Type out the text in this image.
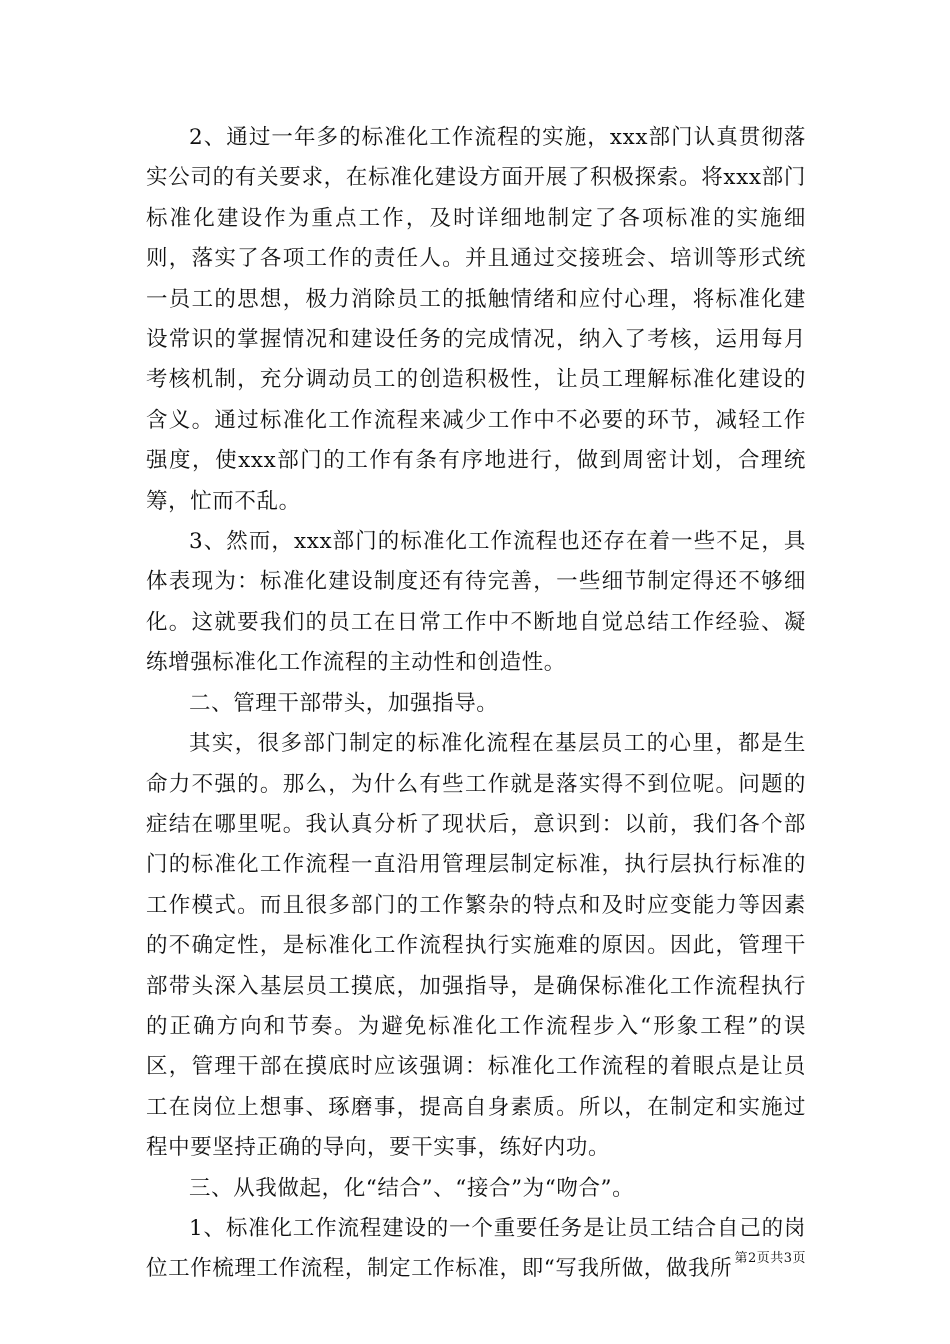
2、通过一年多的标准化工作流程的实施，xxx部门认真贯彻落实公司的有关要求，在标准化建设方面开展了积极探索。将xxx部门标准化建设作为重点工作，及时详细地制定了各项标准的实施细则，落实了各项工作的责任人。并且通过交接班会、培训等形式统一员工的思想，极力消除员工的抵触情绪和应付心理，将标准化建设常识的掌握情况和建设任务的完成情况，纳入了考核，运用每月考核机制，充分调动员工的创造积极性，让员工理解标准化建设的含义。通过标准化工作流程来减少工作中不必要的环节，减轻工作强度，使xxx部门的工作有条有序地进行，做到周密计划，合理统筹，忙而不乱。

3、然而，xxx部门的标准化工作流程也还存在着一些不足，具体表现为：标准化建设制度还有待完善，一些细节制定得还不够细化。这就要我们的员工在日常工作中不断地自觉总结工作经验、凝练增强标准化工作流程的主动性和创造性。

二、管理干部带头，加强指导。

其实，很多部门制定的标准化流程在基层员工的心里，都是生命力不强的。那么，为什么有些工作就是落实得不到位呢。问题的症结在哪里呢。我认真分析了现状后，意识到：以前，我们各个部门的标准化工作流程一直沿用管理层制定标准，执行层执行标准的工作模式。而且很多部门的工作繁杂的特点和及时应变能力等因素的不确定性，是标准化工作流程执行实施难的原因。因此，管理干部带头深入基层员工摸底，加强指导，是确保标准化工作流程执行的正确方向和节奏。为避免标准化工作流程步入“形象工程”的误区，管理干部在摸底时应该强调：标准化工作流程的着眼点是让员工在岗位上想事、琢磨事，提高自身素质。所以，在制定和实施过程中要坚持正确的导向，要干实事，练好内功。

三、从我做起，化“结合”、“接合”为“吻合”。

1、标准化工作流程建设的一个重要任务是让员工结合自己的岗位工作梳理工作流程，制定工作标准，即“写我所做，做我所 第2页共3页
